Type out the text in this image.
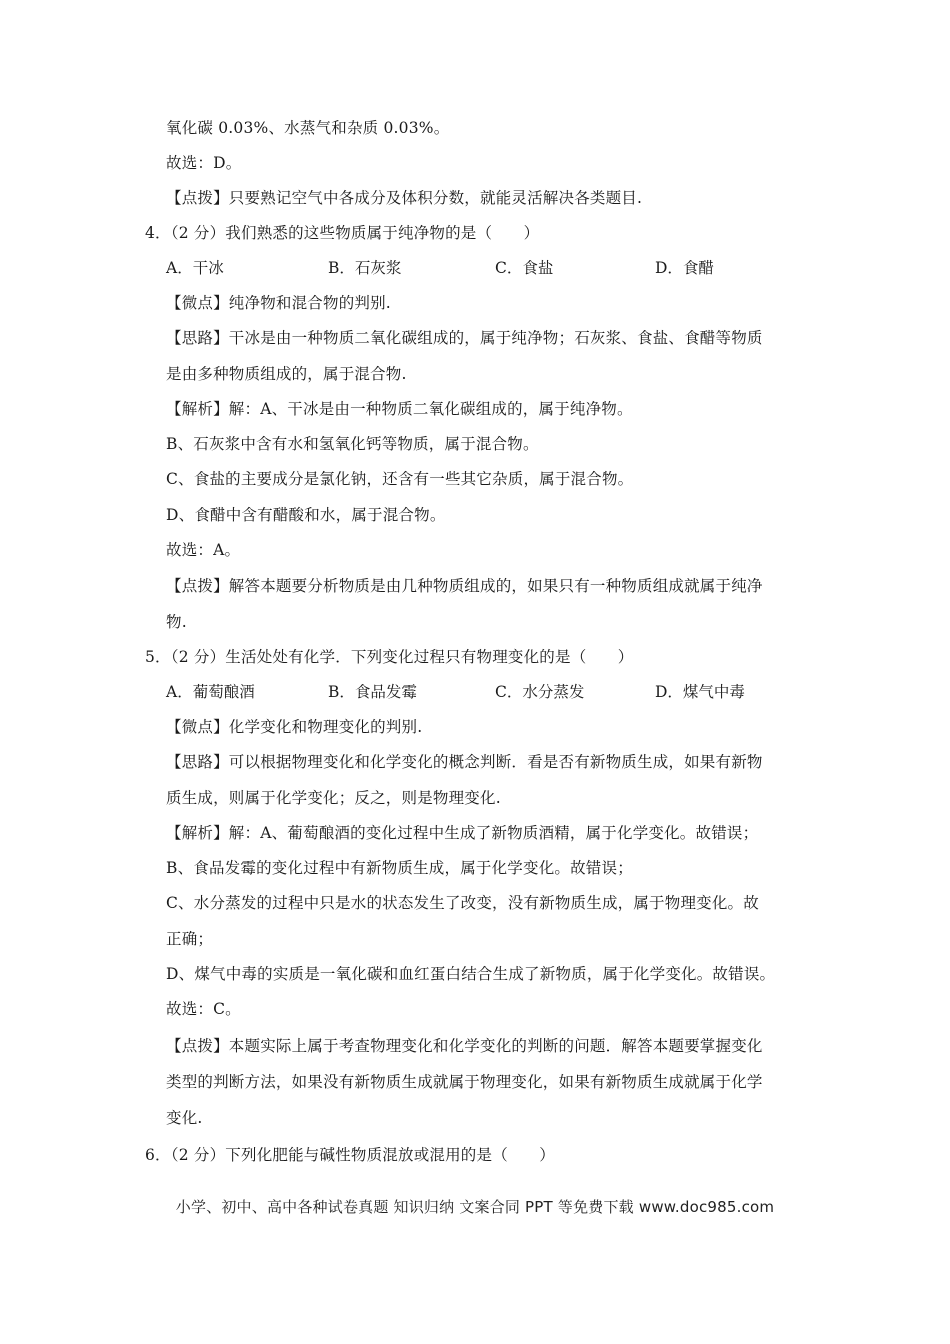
氧化碳 0.03%、水蒸气和杂质 0.03%。
故选：D。
【点拨】只要熟记空气中各成分及体积分数，就能灵活解决各类题目.
4．（2 分）我们熟悉的这些物质属于纯净物的是（　　）
A．干冰	B．石灰浆	C．食盐	D．食醋
【微点】纯净物和混合物的判别.
【思路】干冰是由一种物质二氧化碳组成的，属于纯净物；石灰浆、食盐、食醋等物质
是由多种物质组成的，属于混合物.
【解析】解：A、干冰是由一种物质二氧化碳组成的，属于纯净物。
B、石灰浆中含有水和氢氧化钙等物质，属于混合物。
C、食盐的主要成分是氯化钠，还含有一些其它杂质，属于混合物。
D、食醋中含有醋酸和水，属于混合物。
故选：A。
【点拨】解答本题要分析物质是由几种物质组成的，如果只有一种物质组成就属于纯净
物.
5．（2 分）生活处处有化学．下列变化过程只有物理变化的是（　　）
A．葡萄酿酒	B．食品发霉	C．水分蒸发	D．煤气中毒
【微点】化学变化和物理变化的判别.
【思路】可以根据物理变化和化学变化的概念判断．看是否有新物质生成，如果有新物
质生成，则属于化学变化；反之，则是物理变化.
【解析】解：A、葡萄酿酒的变化过程中生成了新物质酒精，属于化学变化。故错误；
B、食品发霉的变化过程中有新物质生成，属于化学变化。故错误；
C、水分蒸发的过程中只是水的状态发生了改变，没有新物质生成，属于物理变化。故
正确；
D、煤气中毒的实质是一氧化碳和血红蛋白结合生成了新物质，属于化学变化。故错误。
故选：C。
【点拨】本题实际上属于考查物理变化和化学变化的判断的问题．解答本题要掌握变化
类型的判断方法，如果没有新物质生成就属于物理变化，如果有新物质生成就属于化学
变化.
6．（2 分）下列化肥能与碱性物质混放或混用的是（　　）
小学、初中、高中各种试卷真题 知识归纳 文案合同 PPT 等免费下载 www.doc985.com
